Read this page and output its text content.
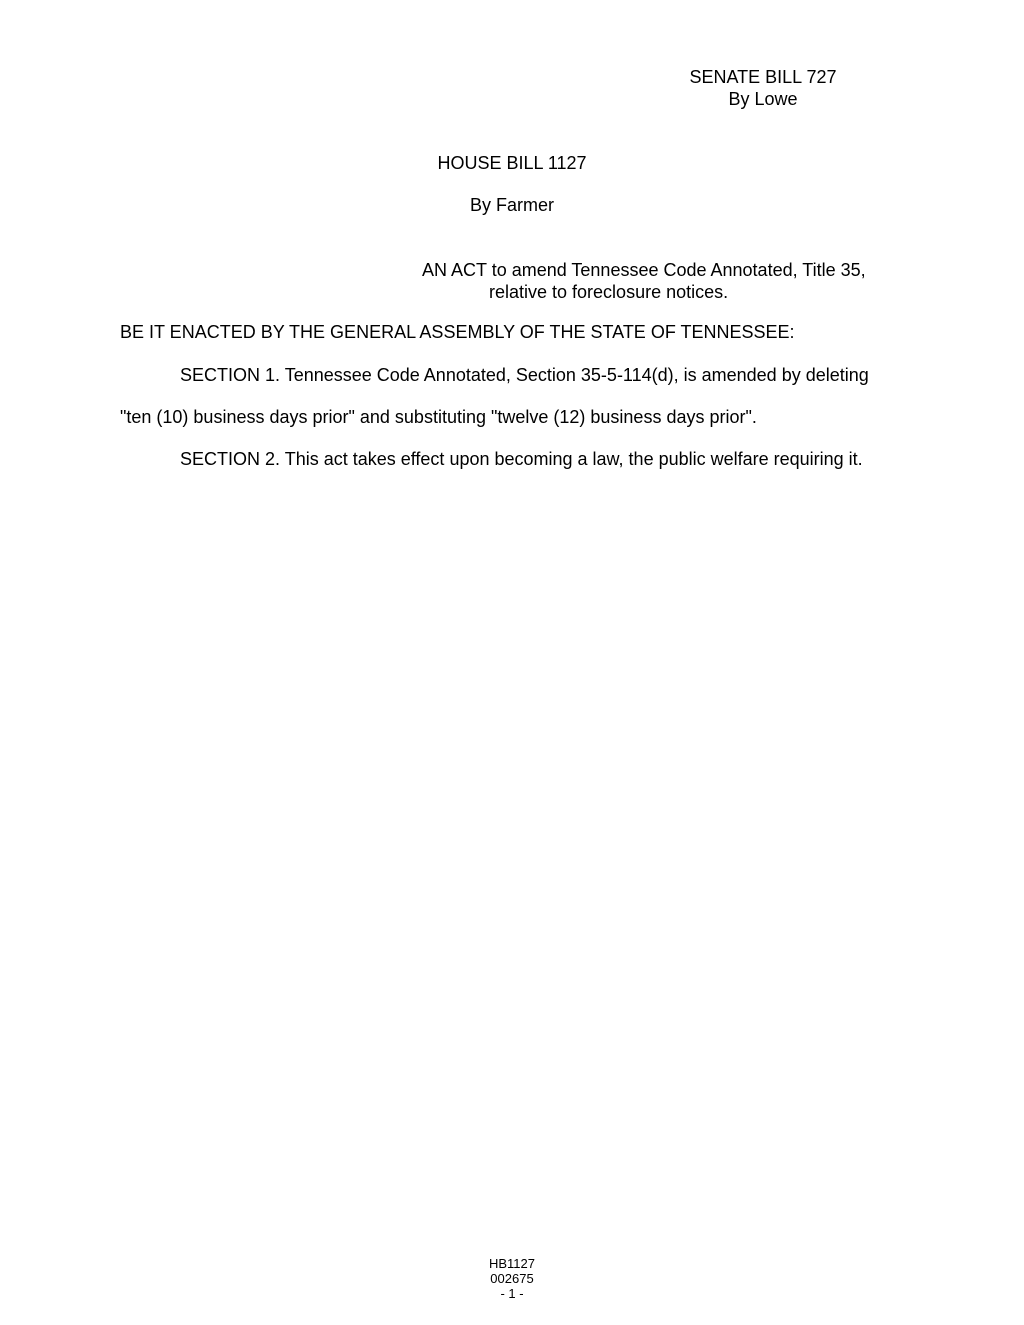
SENATE BILL 727
By Lowe
HOUSE BILL 1127
By Farmer
AN ACT to amend Tennessee Code Annotated, Title 35,
relative to foreclosure notices.
BE IT ENACTED BY THE GENERAL ASSEMBLY OF THE STATE OF TENNESSEE:
SECTION 1. Tennessee Code Annotated, Section 35-5-114(d), is amended by deleting
"ten (10) business days prior" and substituting "twelve (12) business days prior".
SECTION 2. This act takes effect upon becoming a law, the public welfare requiring it.
HB1127
002675
- 1 -
